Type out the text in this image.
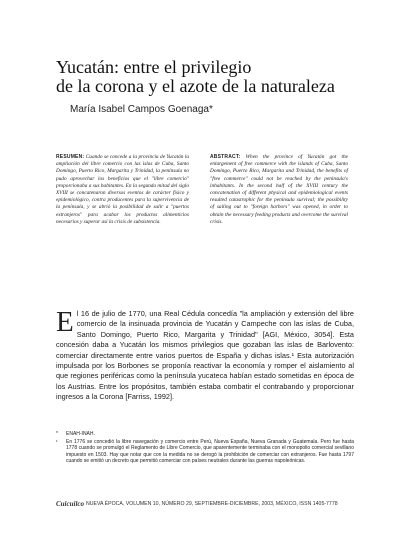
Yucatán: entre el privilegio
de la corona y el azote de la naturaleza
María Isabel Campos Goenaga*
RESUMEN: Cuando se concede a la provincia de Yucatán la ampliación del libre comercio con las islas de Cuba, Santo Domingo, Puerto Rico, Margarita y Trinidad, la península no pudo aprovechar los beneficios que el "libre comercio" proporcionaba a sus habitantes. En la segunda mitad del siglo XVIII se concatenaron diversos eventos de carácter físico y epidemiológico, contra producentes para la supervivencia de la península, y se abrió la posibilidad de salir a "puertos extranjeros" para acabar los productos alimenticios necesarios y superar así la crisis de subsistencia.
ABSTRACT: When the province of Yucatán got the enlargement of free commerce with the islands of Cuba, Santo Domingo, Puerto Rico, Margarita and Trinidad, the benefits of "free commerce" could not be reached by the peninsula's inhabitants. In the second half of the XVIII century the concatenation of different physical and epidemiological events resulted catastrophic for the peninsula survival; the possibility of sailing out to "foreign harbors" was opened, in order to obtain the necessary feeding products and overcome the survival crisis.
E l 16 de julio de 1770, una Real Cédula concedía "la ampliación y extensión del libre comercio de la insinuada provincia de Yucatán y Campeche con las islas de Cuba, Santo Domingo, Puerto Rico, Margarita y Trinidad" [AGI, México, 3054]. Esta concesión daba a Yucatán los mismos privilegios que gozaban las islas de Barlovento: comerciar directamente entre varios puertos de España y dichas islas.¹ Esta autorización impulsada por los Borbones se proponía reactivar la economía y romper el aislamiento al que regiones periféricas como la península yucateca habían estado sometidas en época de los Austrias. Entre los propósitos, también estaba combatir el contrabando y proporcionar ingresos a la Corona [Farriss, 1992].
*	ENAH-INAH.
¹	En 1776 se concedió la libre navegación y comercio entre Perú, Nueva España, Nueva Granada y Guatemala. Pero fue hasta 1778 cuando se promulgó el Reglamento de Libre Comercio, que aparentemente terminaba con el monopolio comercial sevillano impuesto en 1503. Hay que notar que con la medida no se derogó la prohibición de comerciar con extranjeros. Fue hasta 1797 cuando se emitió un decreto que permitió comerciar con países neutrales durante las guerras napoleónicas.
Cuicuilco NUEVA ÉPOCA, VOLUMEN 10, NÚMERO 29, SEPTIEMBRE-DICIEMBRE, 2003, MÉXICO, ISSN 1405-7778
